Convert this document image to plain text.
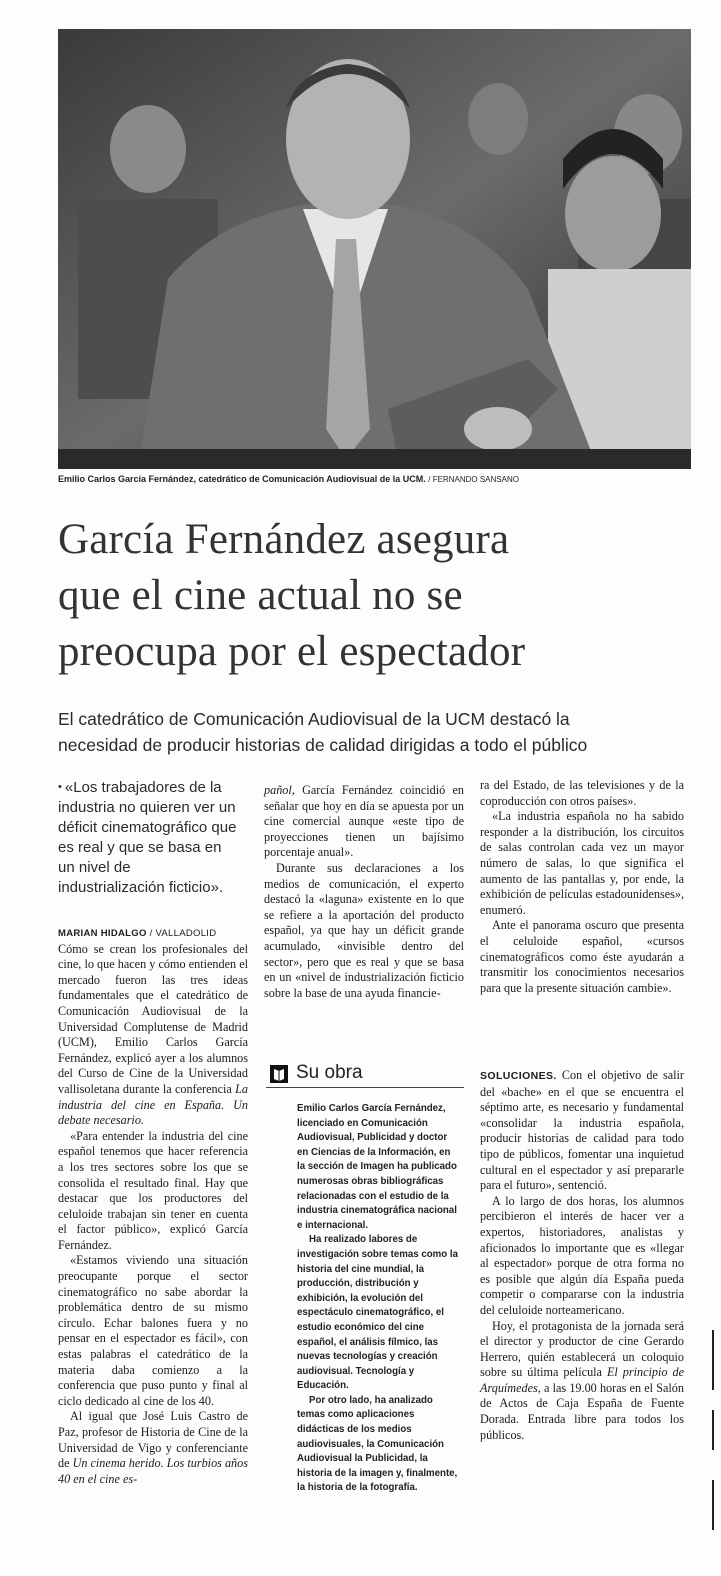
Emilio Carlos García Fernández, catedrático de Comunicación Audiovisual de la UCM. / FERNANDO SANSANO
García Fernández asegura
que el cine actual no se
preocupa por el espectador
El catedrático de Comunicación Audiovisual de la UCM destacó la
necesidad de producir historias de calidad dirigidas a todo el público
• «Los trabajadores de la industria no quieren ver un déficit cinematográfico que es real y que se basa en un nivel de industrialización ficticio».

MARIAN HIDALGO / VALLADOLID

Cómo se crean los profesionales del cine, lo que hacen y cómo entienden el mercado fueron las tres ideas fundamentales que el catedrático de Comunicación Audiovisual de la Universidad Complutense de Madrid (UCM), Emilio Carlos García Fernández, explicó ayer a los alumnos del Curso de Cine de la Universidad vallisoletana durante la conferencia La industria del cine en España. Un debate necesario.

«Para entender la industria del cine español tenemos que hacer referencia a los tres sectores sobre los que se consolida el resultado final. Hay que destacar que los productores del celuloide trabajan sin tener en cuenta el factor público», explicó García Fernández.

«Estamos viviendo una situación preocupante porque el sector cinematográfico no sabe abordar la problemática dentro de su mismo círculo. Echar balones fuera y no pensar en el espectador es fácil», con estas palabras el catedrático de la materia daba comienzo a la conferencia que puso punto y final al ciclo dedicado al cine de los 40.

Al igual que José Luis Castro de Paz, profesor de Historia de Cine de la Universidad de Vigo y conferenciante de Un cinema herido. Los turbios años 40 en el cine es-

pañol, García Fernández coincidió en señalar que hoy en día se apuesta por un cine comercial aunque «este tipo de proyecciones tienen un bajísimo porcentaje anual».

Durante sus declaraciones a los medios de comunicación, el experto destacó la «laguna» existente en lo que se refiere a la aportación del producto español, ya que hay un déficit grande acumulado, «invisible dentro del sector», pero que es real y que se basa en un «nivel de industrialización ficticio sobre la base de una ayuda financie-

Su obra

Emilio Carlos García Fernández, licenciado en Comunicación Audiovisual, Publicidad y doctor en Ciencias de la Información, en la sección de Imagen ha publicado numerosas obras bibliográficas relacionadas con el estudio de la industria cinematográfica nacional e internacional.

Ha realizado labores de investigación sobre temas como la historia del cine mundial, la producción, distribución y exhibición, la evolución del espectáculo cinematográfico, el estudio económico del cine español, el análisis fílmico, las nuevas tecnologías y creación audiovisual. Tecnología y Educación.

Por otro lado, ha analizado temas como aplicaciones didácticas de los medios audiovisuales, la Comunicación Audiovisual la Publicidad, la historia de la imagen y, finalmente, la historia de la fotografía.

ra del Estado, de las televisiones y de la coproducción con otros países».

«La industria española no ha sabido responder a la distribución, los circuitos de salas controlan cada vez un mayor número de salas, lo que significa el aumento de las pantallas y, por ende, la exhibición de películas estadounidenses», enumeró.

Ante el panorama oscuro que presenta el celuloide español, «cursos cinematográficos como éste ayudarán a transmitir los conocimientos necesarios para que la presente situación cambie».

SOLUCIONES. Con el objetivo de salir del «bache» en el que se encuentra el séptimo arte, es necesario y fundamental «consolidar la industria española, producir historias de calidad para todo tipo de públicos, fomentar una inquietud cultural en el espectador y así prepararle para el futuro», sentenció.

A lo largo de dos horas, los alumnos percibieron el interés de hacer ver a expertos, historiadores, analistas y aficionados lo importante que es «llegar al espectador» porque de otra forma no es posible que algún día España pueda competir o compararse con la industria del celuloide norteamericano.

Hoy, el protagonista de la jornada será el director y productor de cine Gerardo Herrero, quién establecerá un coloquio sobre su última película El principio de Arquímedes, a las 19.00 horas en el Salón de Actos de Caja España de Fuente Dorada. Entrada libre para todos los públicos.
